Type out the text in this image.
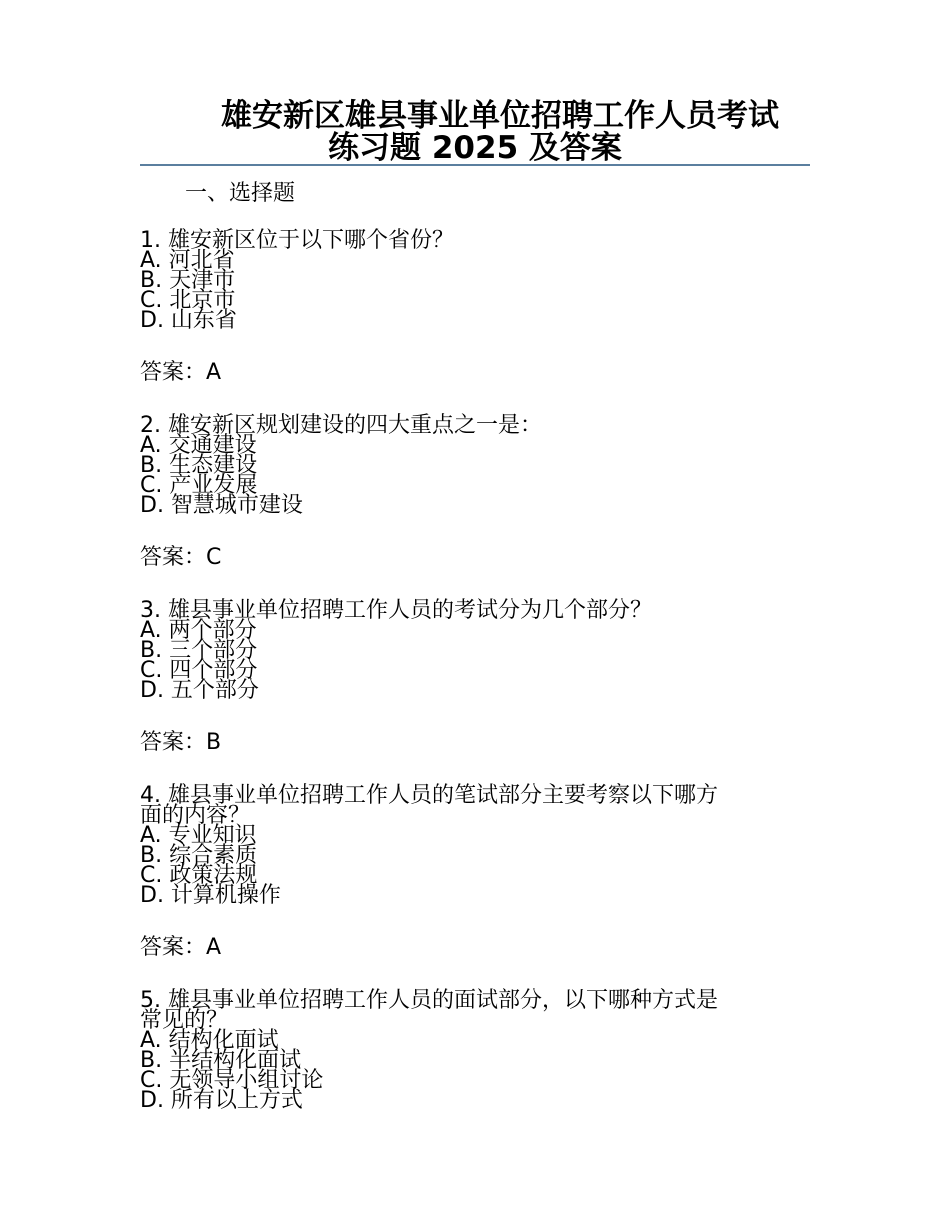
雄安新区雄县事业单位招聘工作人员考试
练习题 2025 及答案
一、选择题
1. 雄安新区位于以下哪个省份？
A. 河北省
B. 天津市
C. 北京市
D. 山东省
答案：A
2. 雄安新区规划建设的四大重点之一是：
A. 交通建设
B. 生态建设
C. 产业发展
D. 智慧城市建设
答案：C
3. 雄县事业单位招聘工作人员的考试分为几个部分？
A. 两个部分
B. 三个部分
C. 四个部分
D. 五个部分
答案：B
4. 雄县事业单位招聘工作人员的笔试部分主要考察以下哪方
面的内容？
A. 专业知识
B. 综合素质
C. 政策法规
D. 计算机操作
答案：A
5. 雄县事业单位招聘工作人员的面试部分，以下哪种方式是
常见的？
A. 结构化面试
B. 半结构化面试
C. 无领导小组讨论
D. 所有以上方式
